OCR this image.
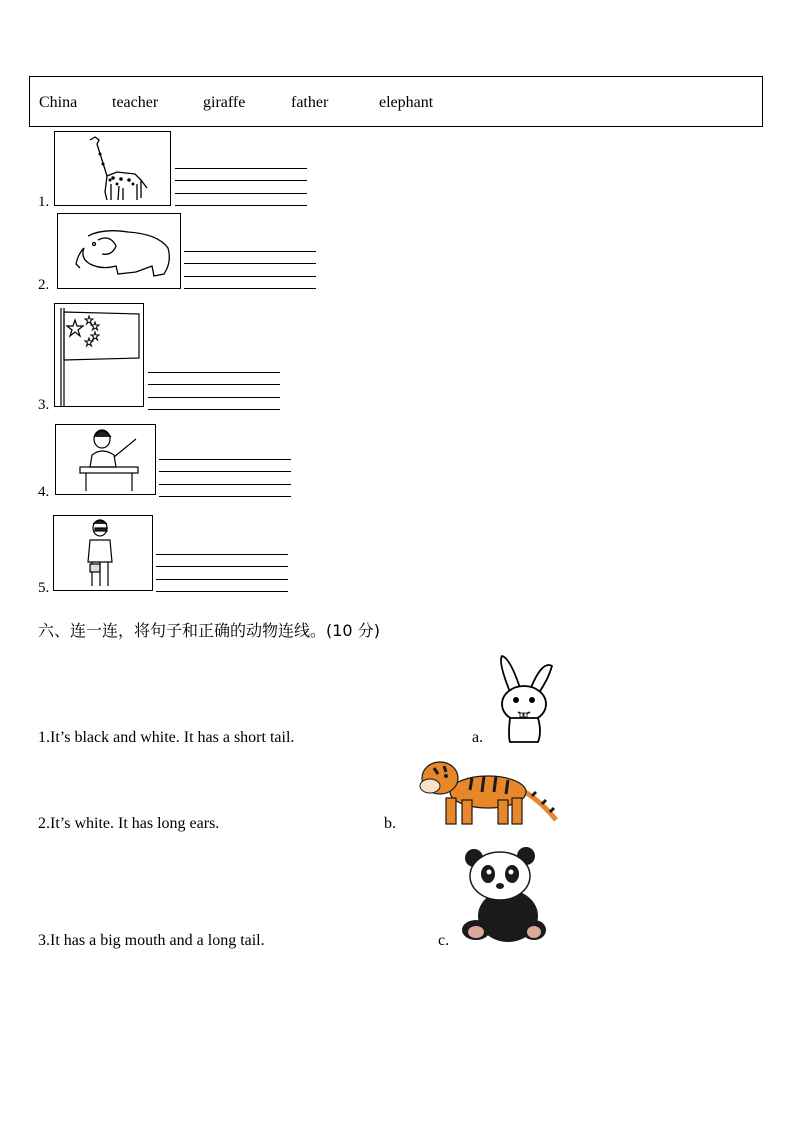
China teacher	giraffe	father	elephant
1.
2.
3.
4.
5.
六、连一连，将句子和正确的动物连线。(10 分)
1.It’s black and white. It has a short tail.
2.It’s white. It has long ears.
3.It has a big mouth and a long tail.
a.
b.
c.
